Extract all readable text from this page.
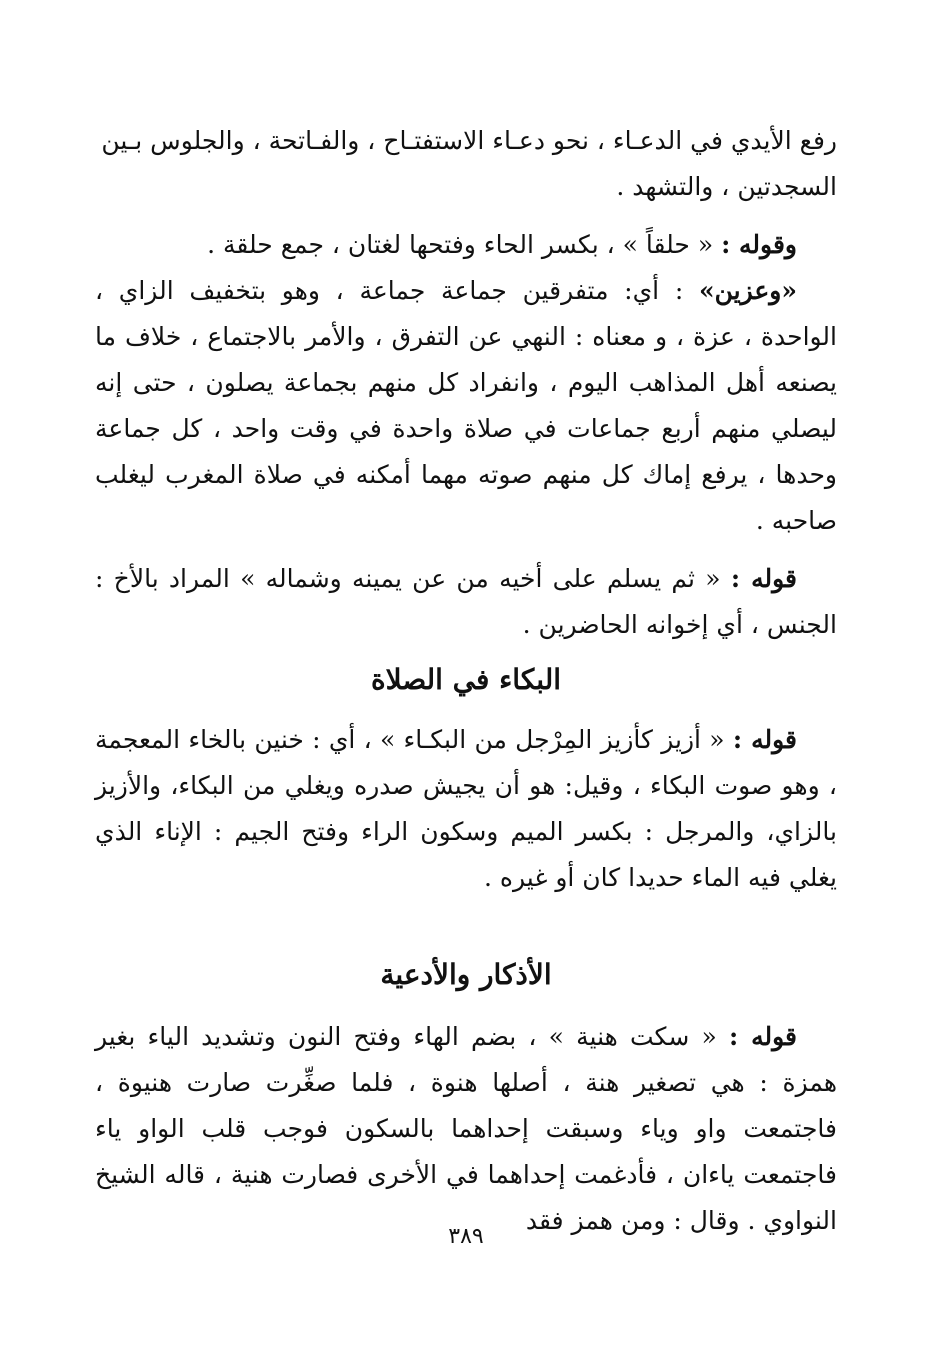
رفع الأيدي في الدعـاء ، نحو دعـاء الاستفتـاح ، والفـاتحة ، والجلوس بـين
السجدتين ، والتشهد .

وقوله : « حلقاً » ، بكسر الحاء وفتحها لغتان ، جمع حلقة .

«وعزين» : أي: متفرقين جماعة جماعة ، وهو بتخفيف الزاي ، الواحدة ، عزة ، و معناه : النهي عن التفرق ، والأمر بالاجتماع ، خلاف ما يصنعه أهل المذاهب اليوم ، وانفراد كل منهم بجماعة يصلون ، حتى إنه ليصلي منهم أربع جماعات في صلاة واحدة في وقت واحد ، كل جماعة وحدها ، يرفع إماك كل منهم صوته مهما أمكنه في صلاة المغرب ليغلب صاحبه .

قوله : « ثم يسلم على أخيه من عن يمينه وشماله » المراد بالأخ : الجنس ، أي إخوانه الحاضرين .

البكاء في الصلاة

قوله : « أزيز كأزيز المِرْجل من البكـاء » ، أي : خنين بالخاء المعجمة ، وهو صوت البكاء ، وقيل: هو أن يجيش صدره ويغلي من البكاء، والأزيز بالزاي، والمرجل : بكسر الميم وسكون الراء وفتح الجيم : الإناء الذي يغلي فيه الماء حديدا كان أو غيره .

الأذكار والأدعية

قوله : « سكت هنية » ، بضم الهاء وفتح النون وتشديد الياء بغير همزة : هي تصغير هنة ، أصلها هنوة ، فلما صغِّرت صارت هنيوة ، فاجتمعت واو وياء وسبقت إحداهما بالسكون فوجب قلب الواو ياء فاجتمعت ياءان ، فأدغمت إحداهما في الأخرى فصارت هنية ، قاله الشيخ النواوي . وقال : ومن همز فقد

٣٨٩
